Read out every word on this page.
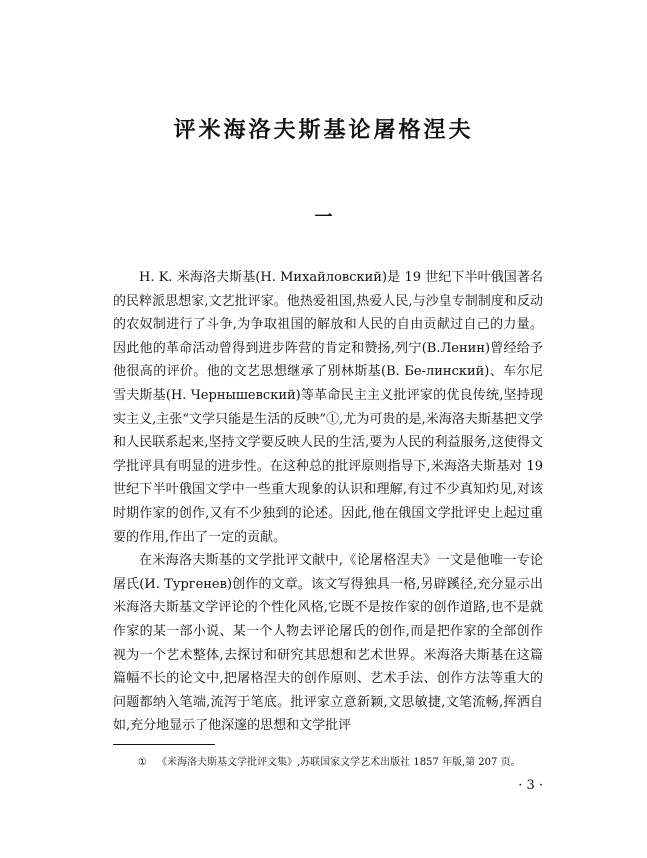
评米海洛夫斯基论屠格涅夫
一

H. K. 米海洛夫斯基(Н. Михайловский)是 19 世纪下半叶俄国著名的民粹派思想家,文艺批评家。他热爱祖国,热爱人民,与沙皇专制制度和反动的农奴制进行了斗争,为争取祖国的解放和人民的自由贡献过自己的力量。因此他的革命活动曾得到进步阵营的肯定和赞扬,列宁(В.Ленин)曾经给予他很高的评价。他的文艺思想继承了别林斯基(В. Бе-линский)、车尔尼雪夫斯基(Н. Чернышевский)等革命民主主义批评家的优良传统,坚持现实主义,主张“文学只能是生活的反映”①,尤为可贵的是,米海洛夫斯基把文学和人民联系起来,坚持文学要反映人民的生活,要为人民的利益服务,这使得文学批评具有明显的进步性。在这种总的批评原则指导下,米海洛夫斯基对 19 世纪下半叶俄国文学中一些重大现象的认识和理解,有过不少真知灼见,对该时期作家的创作,又有不少独到的论述。因此,他在俄国文学批评史上起过重要的作用,作出了一定的贡献。

在米海洛夫斯基的文学批评文献中,《论屠格涅夫》一文是他唯一专论屠氏(И. Тургенев)创作的文章。该文写得独具一格,另辟蹊径,充分显示出米海洛夫斯基文学评论的个性化风格,它既不是按作家的创作道路,也不是就作家的某一部小说、某一个人物去评论屠氏的创作,而是把作家的全部创作视为一个艺术整体,去探讨和研究其思想和艺术世界。米海洛夫斯基在这篇篇幅不长的论文中,把屠格涅夫的创作原则、艺术手法、创作方法等重大的问题都纳入笔端,流泻于笔底。批评家立意新颖,文思敏捷,文笔流畅,挥洒自如,充分地显示了他深邃的思想和文学批评

① 《米海洛夫斯基文学批评文集》,苏联国家文学艺术出版社 1857 年版,第 207 页。
· 3 ·
